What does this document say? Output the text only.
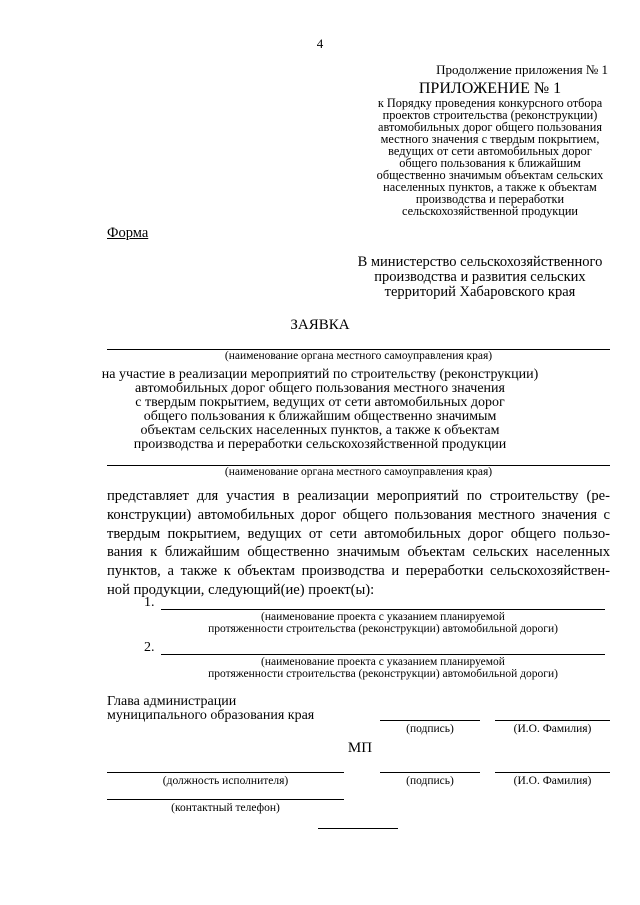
4
Продолжение приложения № 1
ПРИЛОЖЕНИЕ № 1
к Порядку проведения конкурсного отбора
проектов строительства (реконструкции)
автомобильных дорог общего пользования
местного значения с твердым покрытием,
ведущих от сети автомобильных дорог
общего пользования к ближайшим
общественно значимым объектам сельских
населенных пунктов, а также к объектам
производства и переработки
сельскохозяйственной продукции
Форма
В министерство сельскохозяйственного
производства и развития сельских
территорий Хабаровского края
ЗАЯВКА
(наименование органа местного самоуправления края)
на участие в реализации мероприятий по строительству (реконструкции)
автомобильных дорог общего пользования местного значения
с твердым покрытием, ведущих от сети автомобильных дорог
общего пользования к ближайшим общественно значимым
объектам сельских населенных пунктов, а также к объектам
производства и переработки сельскохозяйственной продукции
(наименование органа местного самоуправления края)
представляет для участия в реализации мероприятий по строительству (ре-
конструкции) автомобильных дорог общего пользования местного значения с
твердым покрытием, ведущих от сети автомобильных дорог общего пользо-
вания к ближайшим общественно значимым объектам сельских населенных
пунктов, а также к объектам производства и переработки сельскохозяйствен-
ной продукции, следующий(ие) проект(ы):
1.
(наименование проекта с указанием планируемой
протяженности строительства (реконструкции) автомобильной дороги)
2.
(наименование проекта с указанием планируемой
протяженности строительства (реконструкции) автомобильной дороги)
Глава администрации
муниципального образования края
(подпись)	(И.О. Фамилия)
МП
(должность исполнителя)	(подпись)	(И.О. Фамилия)
(контактный телефон)
